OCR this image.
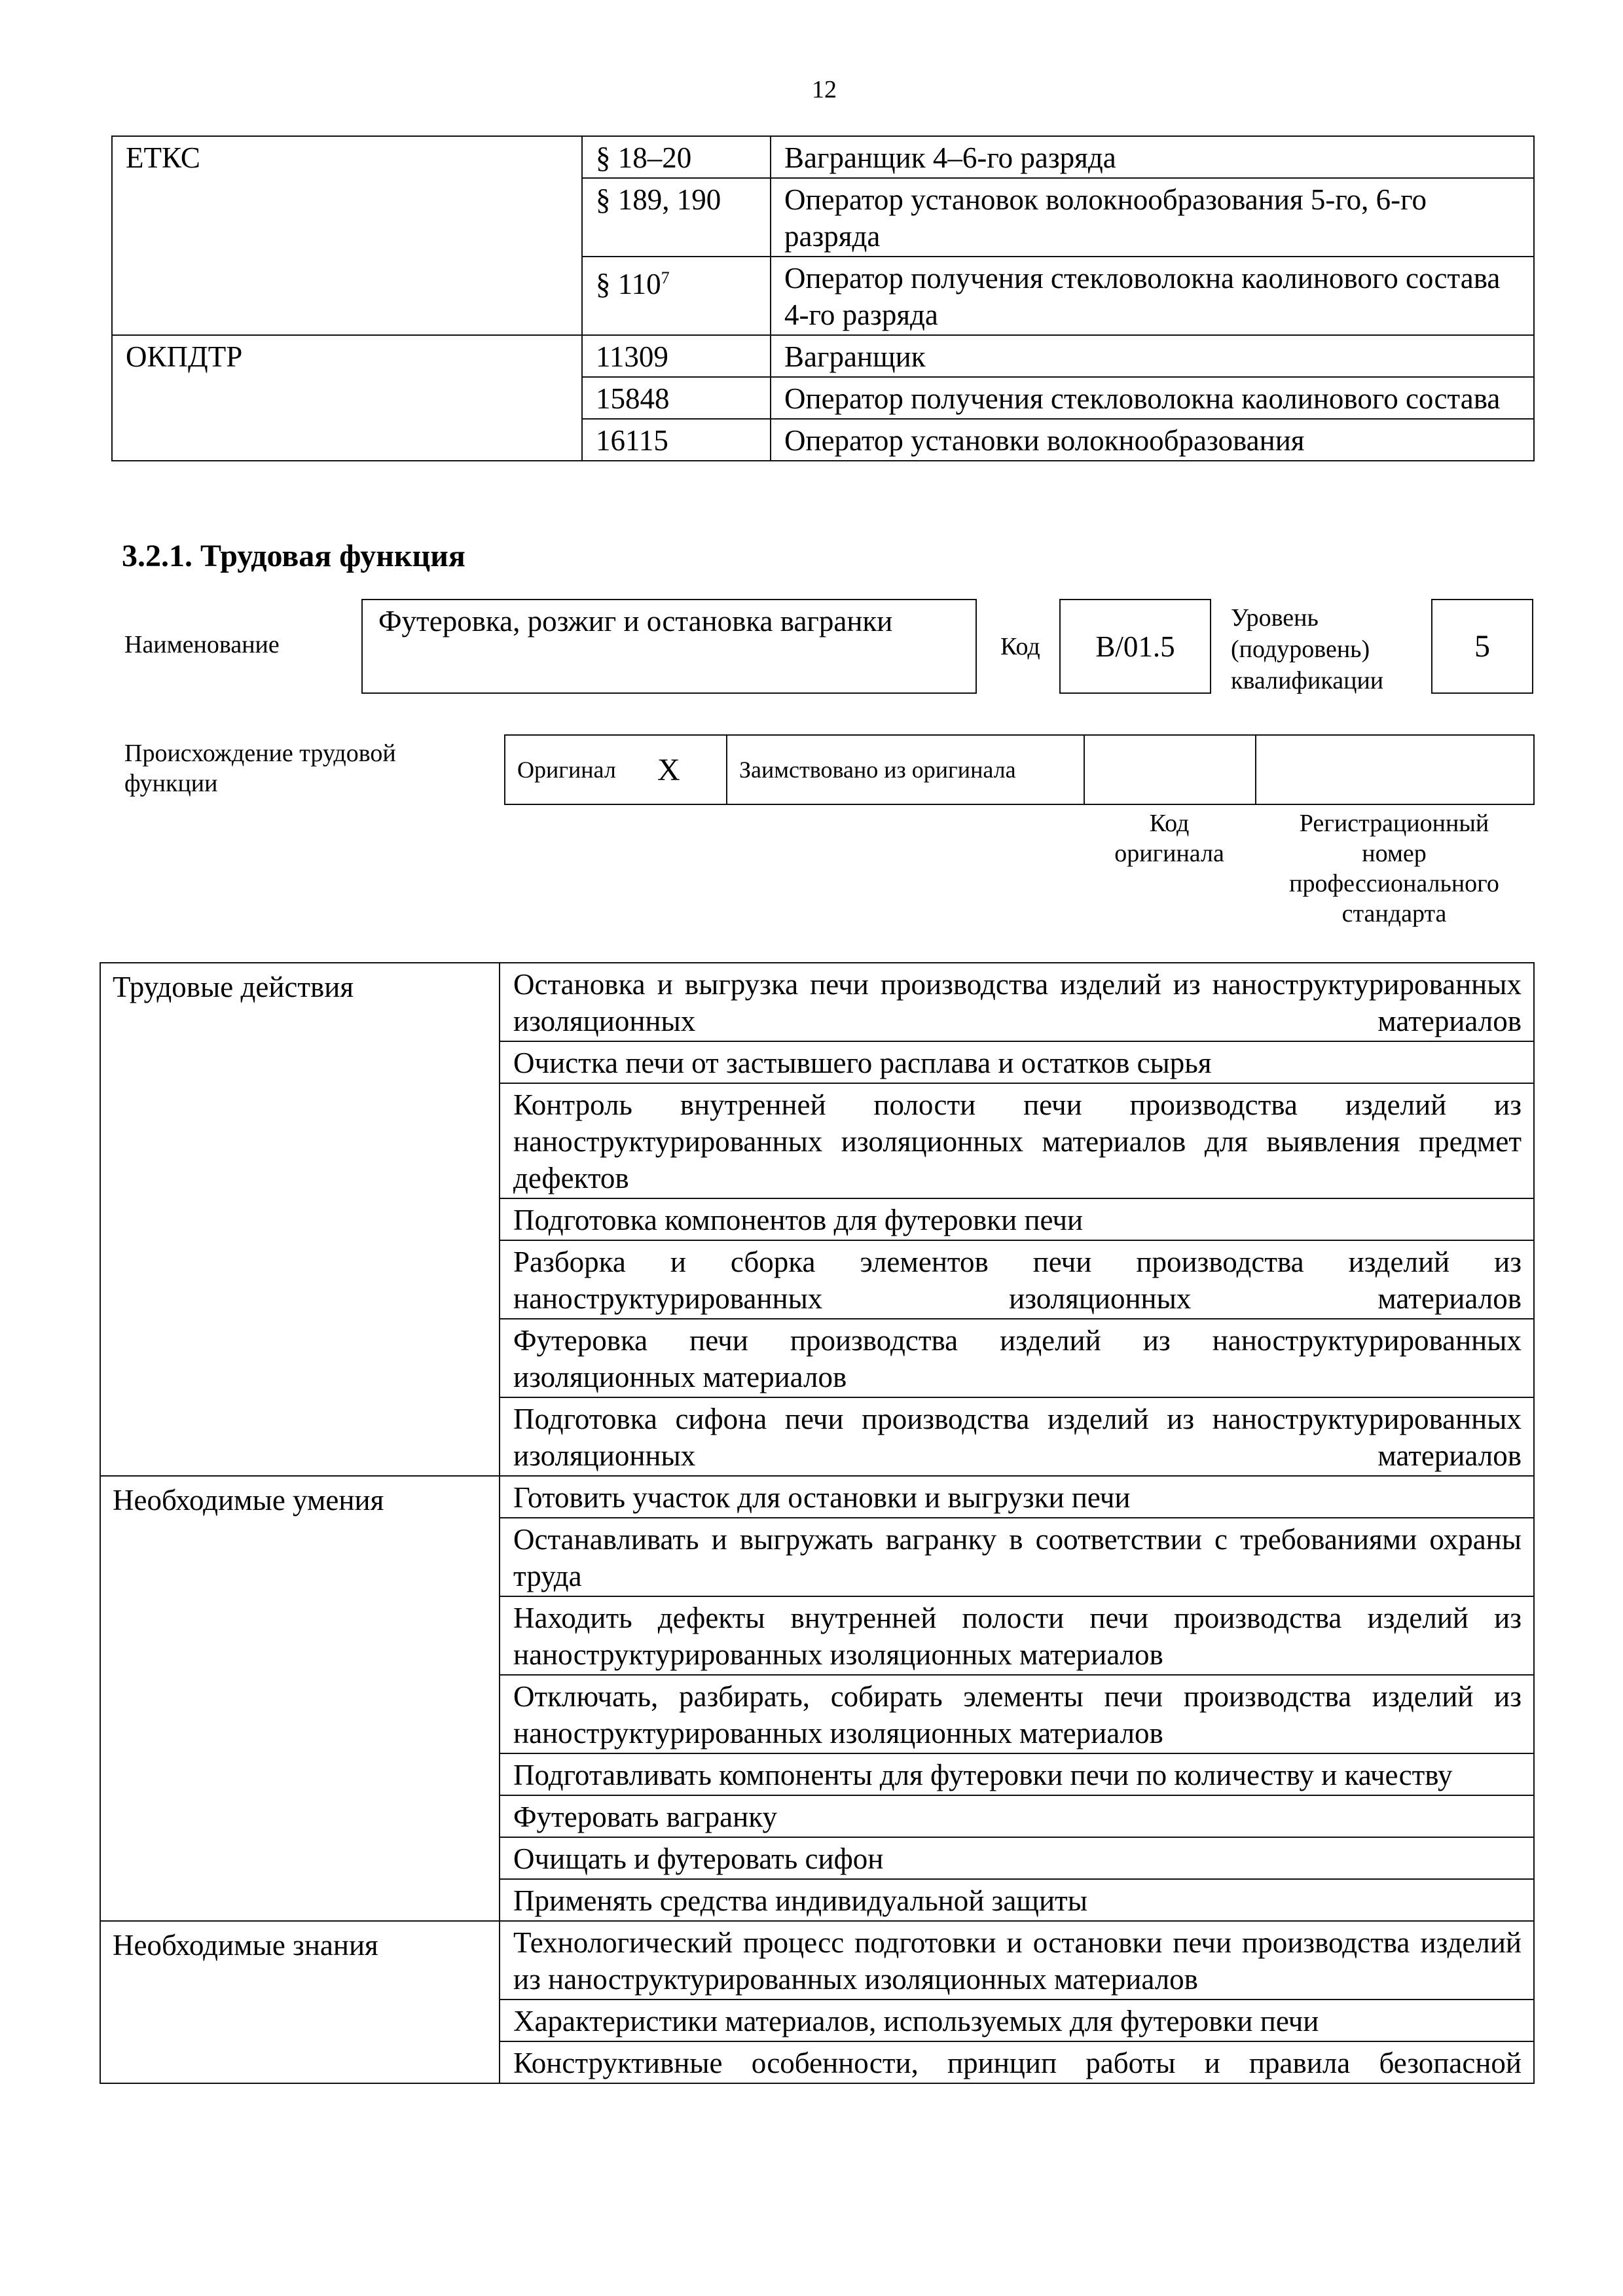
12
ЕТКС	§ 18–20	Вагранщик 4–6-го разряда
	§ 189, 190	Оператор установок волокнообразования 5-го, 6-го разряда
	§ $110^7$	Оператор получения стекловолокна каолинового состава 4-го разряда
ОКПДТР	11309	Вагранщик
	15848	Оператор получения стекловолокна каолинового состава
	16115	Оператор установки волокнообразования
3.2.1. Трудовая функция
Наименование
Футеровка, розжиг и остановка вагранки
Код B/01.5
Уровень
(подуровень)
квалификации
5
Происхождение трудовой
функции	Оригинал	X	Заимствовано из оригинала		
Код
оригинала
Регистрационный
номер
профессионального
стандарта
Трудовые действия	Остановка и выгрузка печи производства изделий из наноструктурированных изоляционных материалов
	Очистка печи от застывшего расплава и остатков сырья
	Контроль внутренней полости печи производства изделий из наноструктурированных изоляционных материалов для выявления предмет дефектов
	Подготовка компонентов для футеровки печи
	Разборка и сборка элементов печи производства изделий из наноструктурированных изоляционных материалов
	Футеровка печи производства изделий из наноструктурированных изоляционных материалов
	Подготовка сифона печи производства изделий из наноструктурированных изоляционных материалов
Необходимые умения	Готовить участок для остановки и выгрузки печи
	Останавливать и выгружать вагранку в соответствии с требованиями охраны труда
	Находить дефекты внутренней полости печи производства изделий из наноструктурированных изоляционных материалов
	Отключать, разбирать, собирать элементы печи производства изделий из наноструктурированных изоляционных материалов
	Подготавливать компоненты для футеровки печи по количеству и качеству
	Футеровать вагранку
	Очищать и футеровать сифон
	Применять средства индивидуальной защиты
Необходимые знания	Технологический процесс подготовки и остановки печи производства изделий из наноструктурированных изоляционных материалов
	Характеристики материалов, используемых для футеровки печи
	Конструктивные особенности, принцип работы и правила безопасной
